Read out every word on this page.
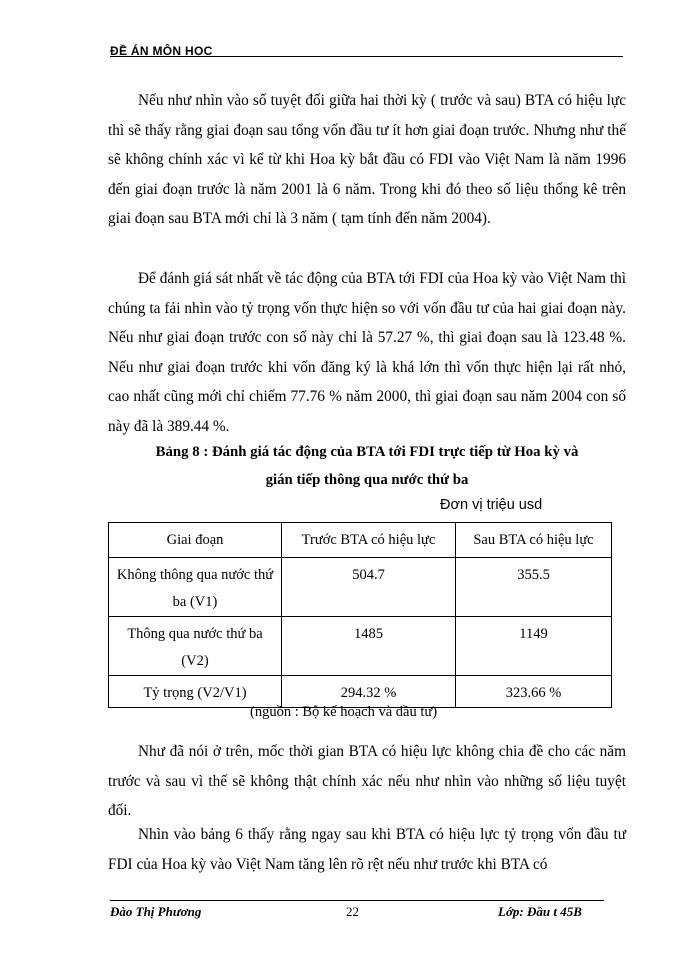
ĐỀ ÁN MÔN HỌC

Nếu như nhìn vào số tuyệt đối giữa hai thời kỳ ( trước và sau) BTA có hiệu lực thì sẽ thấy rằng giai đoạn sau tổng vốn đầu tư ít hơn giai đoạn trước. Nhưng như thế sẽ không chính xác vì kể từ khi Hoa kỳ bắt đầu có FDI vào Việt Nam là năm 1996 đến giai đoạn trước là năm 2001 là 6 năm. Trong khi đó theo số liệu thống kê trên giai đoạn sau BTA mới chỉ là 3 năm ( tạm tính đến năm 2004).

Để đánh giá sát nhất về tác động của BTA tới FDI của Hoa kỳ vào Việt Nam thì chúng ta fải nhìn vào tỷ trọng vốn thực hiện so với vốn đầu tư của hai giai đoạn này. Nếu như giai đoạn trước con số này chỉ là 57.27 %, thì giai đoạn sau là 123.48 %. Nếu như giai đoạn trước khi vốn đăng ký là khá lớn thì vốn thực hiện lại rất nhỏ, cao nhất cũng mới chỉ chiếm 77.76 % năm 2000, thì giai đoạn sau năm 2004 con số này đã là 389.44 %.

Bảng 8 : Đánh giá tác động của BTA tới FDI trực tiếp từ Hoa kỳ và

gián tiếp thông qua nước thứ ba

Đơn vị triệu usd
Giai đoạn	Trước BTA có hiệu lực	Sau BTA có hiệu lực
Không thông qua nước thứ ba (V1)	504.7	355.5
Thông qua nước thứ ba (V2)	1485	1149
Tỷ trọng (V2/V1)	294.32 %	323.66 %
(nguồn : Bộ kế hoạch và đầu tư)

Như đã nói ở trên, mốc thời gian BTA có hiệu lực không chia đề cho các năm trước và sau vì thế sẽ không thật chính xác nếu như nhìn vào những số liệu tuyệt đối.

Nhìn vào bảng 6 thấy rằng ngay sau khi BTA có hiệu lực tỷ trọng vốn đầu tư FDI của Hoa kỳ vào Việt Nam tăng lên rõ rệt nếu như trước khi BTA có

Đào Thị Phương	22	Lớp: Đầu t 45B
